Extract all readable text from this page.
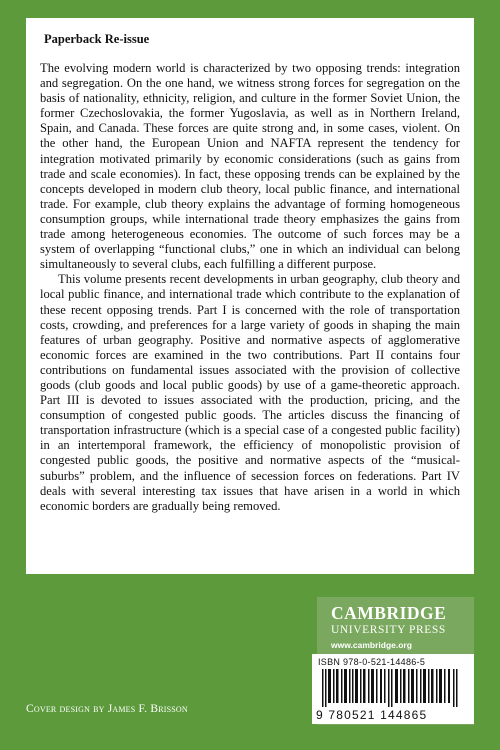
Paperback Re-issue

The evolving modern world is characterized by two opposing trends: integration and segregation. On the one hand, we witness strong forces for segregation on the basis of nationality, ethnicity, religion, and culture in the former Soviet Union, the former Czechoslovakia, the former Yugoslavia, as well as in Northern Ireland, Spain, and Canada. These forces are quite strong and, in some cases, violent. On the other hand, the European Union and NAFTA represent the tendency for integration motivated primarily by economic considerations (such as gains from trade and scale economies). In fact, these opposing trends can be explained by the concepts developed in modern club theory, local public finance, and international trade. For example, club theory explains the advantage of forming homogeneous consumption groups, while international trade theory emphasizes the gains from trade among heterogeneous economies. The outcome of such forces may be a system of overlapping “functional clubs,” one in which an individual can belong simultaneously to several clubs, each fulfilling a different purpose.

This volume presents recent developments in urban geography, club theory and local public finance, and international trade which contribute to the explanation of these recent opposing trends. Part I is concerned with the role of transportation costs, crowding, and preferences for a large variety of goods in shaping the main features of urban geography. Positive and normative aspects of agglomerative economic forces are examined in the two contributions. Part II contains four contributions on fundamental issues associated with the provision of collective goods (club goods and local public goods) by use of a game-theoretic approach. Part III is devoted to issues associated with the production, pricing, and the consumption of congested public goods. The articles discuss the financing of transportation infrastructure (which is a special case of a congested public facility) in an intertemporal framework, the efficiency of monopolistic provision of congested public goods, the positive and normative aspects of the “musical-suburbs” problem, and the influence of secession forces on federations. Part IV deals with several interesting tax issues that have arisen in a world in which economic borders are gradually being removed.

CAMBRIDGE
UNIVERSITY PRESS
www.cambridge.org
ISBN 978-0-521-14486-5
9 780521 144865
Cover design by James F. Brisson
